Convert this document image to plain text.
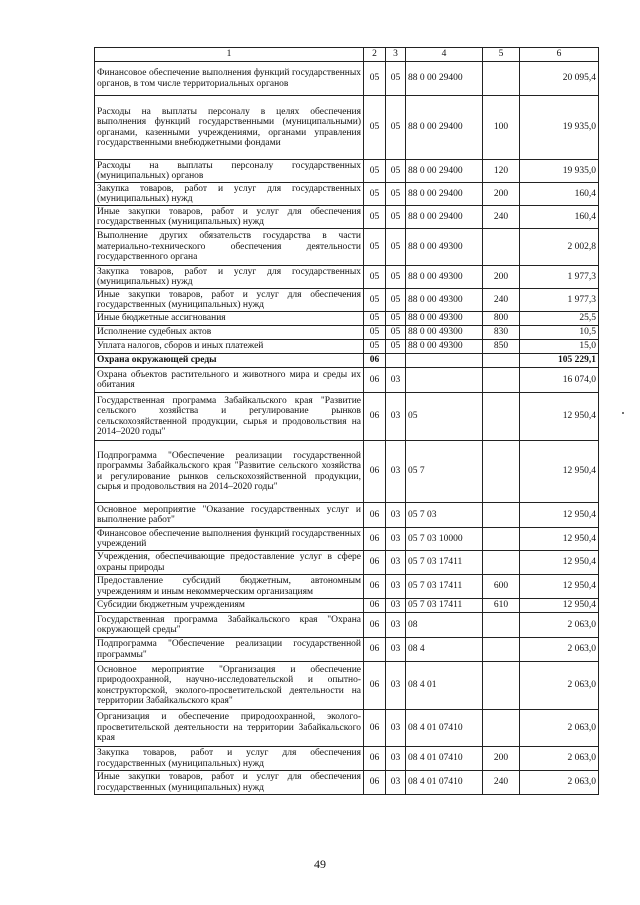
1	2	3	4	5	6
Финансовое обеспечение выполнения функций государственных органов, в том числе территориальных органов	05	05	88 0 00 29400		20 095,4
Расходы на выплаты персоналу в целях обеспечения выполнения функций государственными (муниципальными) органами, казенными учреждениями, органами управления государственными внебюджетными фондами	05	05	88 0 00 29400	100	19 935,0
Расходы на выплаты персоналу государственных (муниципальных) органов	05	05	88 0 00 29400	120	19 935,0
Закупка товаров, работ и услуг для государственных (муниципальных) нужд	05	05	88 0 00 29400	200	160,4
Иные закупки товаров, работ и услуг для обеспечения государственных (муниципальных) нужд	05	05	88 0 00 29400	240	160,4
Выполнение других обязательств государства в части материально-технического обеспечения деятельности государственного органа	05	05	88 0 00 49300		2 002,8
Закупка товаров, работ и услуг для государственных (муниципальных) нужд	05	05	88 0 00 49300	200	1 977,3
Иные закупки товаров, работ и услуг для обеспечения государственных (муниципальных) нужд	05	05	88 0 00 49300	240	1 977,3
Иные бюджетные ассигнования	05	05	88 0 00 49300	800	25,5
Исполнение судебных актов	05	05	88 0 00 49300	830	10,5
Уплата налогов, сборов и иных платежей	05	05	88 0 00 49300	850	15,0
Охрана окружающей среды	06				105 229,1
Охрана объектов растительного и животного мира и среды их обитания	06	03			16 074,0
Государственная программа Забайкальского края "Развитие сельского хозяйства и регулирование рынков сельскохозяйственной продукции, сырья и продовольствия на 2014–2020 годы"	06	03	05		12 950,4
Подпрограмма "Обеспечение реализации государственной программы Забайкальского края "Развитие сельского хозяйства и регулирование рынков сельскохозяйственной продукции, сырья и продовольствия на 2014–2020 годы"	06	03	05 7		12 950,4
Основное мероприятие "Оказание государственных услуг и выполнение работ"	06	03	05 7 03		12 950,4
Финансовое обеспечение выполнения функций государственных учреждений	06	03	05 7 03 10000		12 950,4
Учреждения, обеспечивающие предоставление услуг в сфере охраны природы	06	03	05 7 03 17411		12 950,4
Предоставление субсидий бюджетным, автономным учреждениям и иным некоммерческим организациям	06	03	05 7 03 17411	600	12 950,4
Субсидии бюджетным учреждениям	06	03	05 7 03 17411	610	12 950,4
Государственная программа Забайкальского края "Охрана окружающей среды"	06	03	08		2 063,0
Подпрограмма "Обеспечение реализации государственной программы"	06	03	08 4		2 063,0
Основное мероприятие "Организация и обеспечение природоохранной, научно-исследовательской и опытно-конструкторской, эколого-просветительской деятельности на территории Забайкальского края"	06	03	08 4 01		2 063,0
Организация и обеспечение природоохранной, эколого-просветительской деятельности на территории Забайкальского края	06	03	08 4 01 07410		2 063,0
Закупка товаров, работ и услуг для обеспечения государственных (муниципальных) нужд	06	03	08 4 01 07410	200	2 063,0
Иные закупки товаров, работ и услуг для обеспечения государственных (муниципальных) нужд	06	03	08 4 01 07410	240	2 063,0
49
